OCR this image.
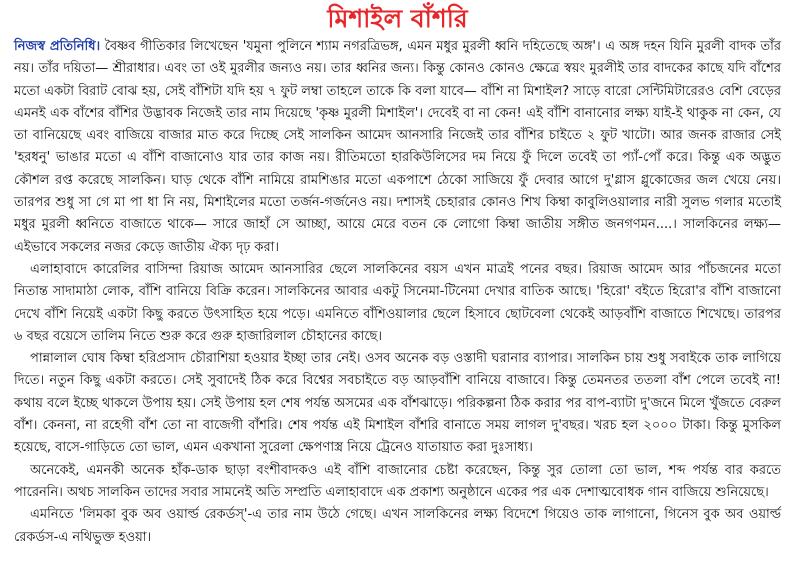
মিশাইল বাঁশরি

নিজস্ব প্রতিনিধি। বৈষ্ণব গীতিকার লিখেছেন 'যমুনা পুলিনে শ্যাম নগরত্রিভঙ্গ, এমন মধুর মুরলী ধ্বনি দহিতেছে অঙ্গ'। এ অঙ্গ দহন যিনি মুরলী বাদক তাঁর নয়। তাঁর দয়িতা— শ্রীরাধার। এবং তা ওই মুরলীর জন্যও নয়। তার ধ্বনির জন্য। কিন্তু কোনও কোনও ক্ষেত্রে স্বয়ং মুরলীই তার বাদকের কাছে যদি বাঁশের মতো একটা বিরাট বোঝ হয়, সেই বাঁশিটা যদি হয় ৭ ফুট লম্বা তাহলে তাকে কি বলা যাবে— বাঁশি না মিশাইল? সাড়ে বারো সেন্টিমিটারেরও বেশি বেড়ের এমনই এক বাঁশের বাঁশির উদ্ভাবক নিজেই তার নাম দিয়েছে 'কৃষ্ণ মুরলী মিশাইল'। দেবেই বা না কেন! এই বাঁশি বানানোর লক্ষ্য যাই-ই থাকুক না কেন, যে তা বানিয়েছে এবং বাজিয়ে বাজার মাত করে দিচ্ছে সেই সালকিন আমেদ আনসারি নিজেই তার বাঁশির চাইতে ২ ফুট খাটো। আর জনক রাজার সেই 'হরধনু' ভাঙার মতো এ বাঁশি বাজানোও যার তার কাজ নয়। রীতিমতো হারকিউলিসের দম নিয়ে ফুঁ দিলে তবেই তা প্যাঁ-পোঁ করে। কিন্তু এক অদ্ভুত কৌশল রপ্ত করেছে সালকিন। ঘাড় থেকে বাঁশি নামিয়ে রামশিঙার মতো একপাশে ঠেকো সাজিয়ে ফুঁ দেবার আগে দু'গ্লাস গ্লুকোজের জল খেয়ে নেয়। তারপর শুধু সা গে মা পা ধা নি নয়, মিশাইলের মতো তর্জন-গর্জনেও নয়। দশাসই চেহারার কোনও শিখ কিম্বা কাবুলিওয়ালার নারী সুলভ গলার মতোই মধুর মুরলী ধ্বনিতে বাজাতে থাকে— সারে জাহাঁ সে আচ্ছা, আয়ে মেরে বতন কে লোগো কিম্বা জাতীয় সঙ্গীত জনগণমন....। সালকিনের লক্ষ্য— এইভাবে সকলের নজর কেড়ে জাতীয় ঐক্য দৃঢ় করা।

এলাহাবাদে কারেলির বাসিন্দা রিয়াজ আমেদ আনসারির ছেলে সালকিনের বয়স এখন মাত্রই পনের বছর। রিয়াজ আমেদ আর পাঁচজনের মতো নিতান্ত সাদামাঠা লোক, বাঁশি বানিয়ে বিক্রি করেন। সালকিনের আবার একটু সিনেমা-টিনেমা দেখার বাতিক আছে। 'হিরো' বইতে হিরো'র বাঁশি বাজানো দেখে বাঁশি নিয়েই একটা কিছু করতে উৎসাহিত হয়ে পড়ে। এমনিতে বাঁশিওয়ালার ছেলে হিসাবে ছোটবেলা থেকেই আড়বাঁশি বাজাতে শিখেছে। তারপর ৬ বছর বয়েসে তালিম নিতে শুরু করে গুরু হাজারিলাল চৌহানের কাছে।

পান্নালাল ঘোষ কিম্বা হরিপ্রসাদ চৌরাশিয়া হওয়ার ইচ্ছা তার নেই। ওসব অনেক বড় ওস্তাদী ঘরানার ব্যাপার। সালকিন চায় শুধু সবাইকে তাক লাগিয়ে দিতে। নতুন কিছু একটা করতে। সেই সুবাদেই ঠিক করে বিশ্বের সবচাইতে বড় আড়বাঁশি বানিয়ে বাজাবে। কিন্তু তেমনতর ততলা বাঁশ পেলে তবেই না! কথায় বলে ইচ্ছে থাকলে উপায় হয়। সেই উপায় হল শেষ পর্যন্ত অসমের এক বাঁশঝাড়ে। পরিকল্পনা ঠিক করার পর বাপ-ব্যাটা দু'জনে মিলে খুঁজতে বেরুল বাঁশ। কেননা, না রহেগী বাঁশ তো না বাজেগী বাঁশরি। শেষ পর্যন্ত এই মিশাইল বাঁশরি বানাতে সময় লাগল দু'বছর। খরচ হল ২০০০ টাকা। কিন্তু মুসকিল হয়েছে, বাসে-গাড়িতে তো ভাল, এমন একখানা সুরেলা ক্ষেপণাস্ত্র নিয়ে ট্রেনেও যাতায়াত করা দুঃসাধ্য।

অনেকেই, এমনকী অনেক হাঁক-ডাক ছাড়া বংশীবাদকও এই বাঁশি বাজানোর চেষ্টা করেছেন, কিন্তু সুর তোলা তো ভাল, শব্দ পর্যন্ত বার করতে পারেননি। অথচ সালকিন তাদের সবার সামনেই অতি সম্প্রতি এলাহাবাদে এক প্রকাশ্য অনুষ্ঠানে একের পর এক দেশাত্মবোধক গান বাজিয়ে শুনিয়েছে।

এমনিতে 'লিমকা বুক অব ওয়ার্ল্ড রেকর্ডস্'-এ তার নাম উঠে গেছে। এখন সালকিনের লক্ষ্য বিদেশে গিয়েও তাক লাগানো, গিনেস বুক অব ওয়ার্ল্ড রেকর্ডস-এ নথিভুক্ত হওয়া।
